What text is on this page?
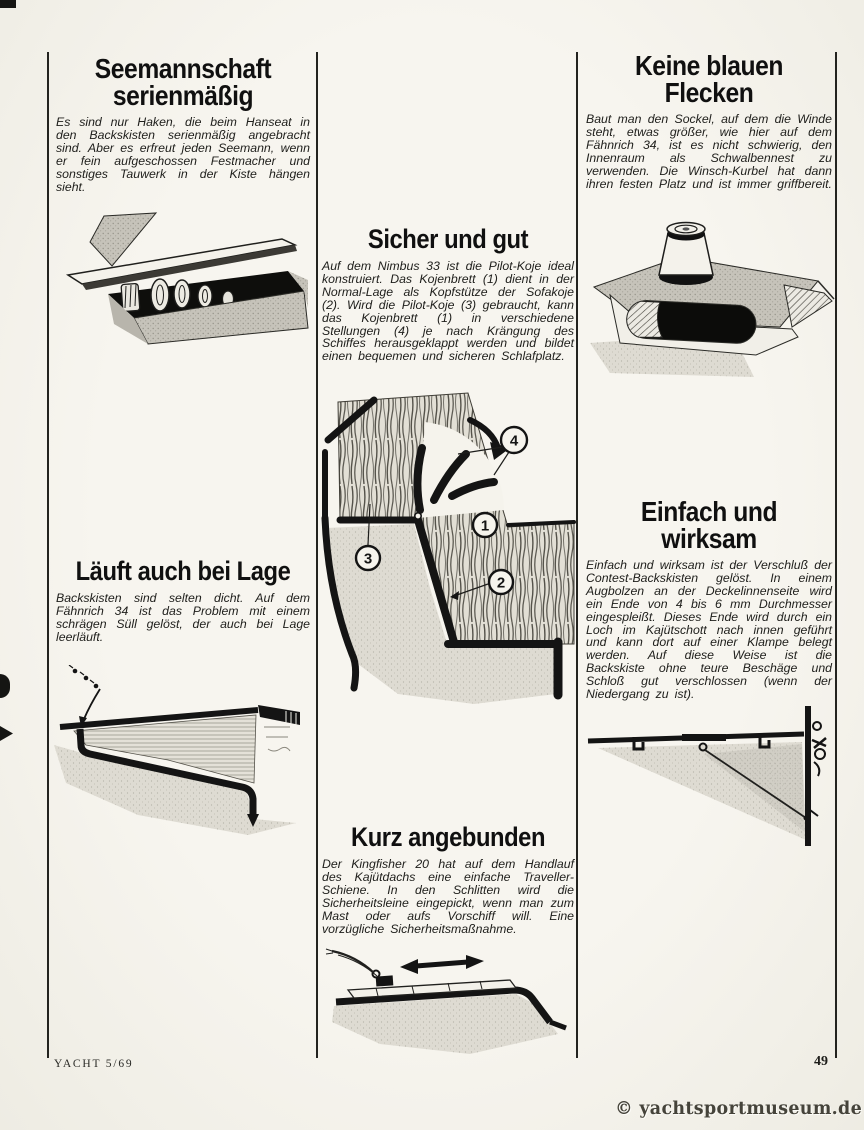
Seemannschaft
serienmäßig
Es sind nur Haken, die beim Hanseat in den Backskisten serienmäßig angebracht sind. Aber es erfreut jeden Seemann, wenn er fein aufgeschossen Festmacher und sonstiges Tauwerk in der Kiste hängen sieht.
Läuft auch bei Lage
Backskisten sind selten dicht. Auf dem Fähnrich 34 ist das Problem mit einem schrägen Süll gelöst, der auch bei Lage leerläuft.
Sicher und gut
Auf dem Nimbus 33 ist die Pilot-Koje ideal konstruiert. Das Kojenbrett (1) dient in der Normal-Lage als Kopfstütze der Sofakoje (2). Wird die Pilot-Koje (3) gebraucht, kann das Kojenbrett (1) in verschiedene Stellungen (4) je nach Krängung des Schiffes herausgeklappt werden und bildet einen bequemen und sicheren Schlafplatz.
4
1
3
2
Kurz angebunden
Der Kingfisher 20 hat auf dem Handlauf des Kajütdachs eine einfache Traveller-Schiene. In den Schlitten wird die Sicherheitsleine eingepickt, wenn man zum Mast oder aufs Vorschiff will. Eine vorzügliche Sicherheitsmaßnahme.
Keine blauen
Flecken
Baut man den Sockel, auf dem die Winde steht, etwas größer, wie hier auf dem Fähnrich 34, ist es nicht schwierig, den Innenraum als Schwalbennest zu verwenden. Die Winsch-Kurbel hat dann ihren festen Platz und ist immer griffbereit.
Einfach und
wirksam
Einfach und wirksam ist der Verschluß der Contest-Backskisten gelöst. In einem Augbolzen an der Deckelinnenseite wird ein Ende von 4 bis 6 mm Durchmesser eingespleißt. Dieses Ende wird durch ein Loch im Kajütschott nach innen geführt und kann dort auf einer Klampe belegt werden. Auf diese Weise ist die Backskiste ohne teure Beschäge und Schloß gut verschlossen (wenn der Niedergang zu ist).
YACHT 5/69	49
© yachtsportmuseum.de
